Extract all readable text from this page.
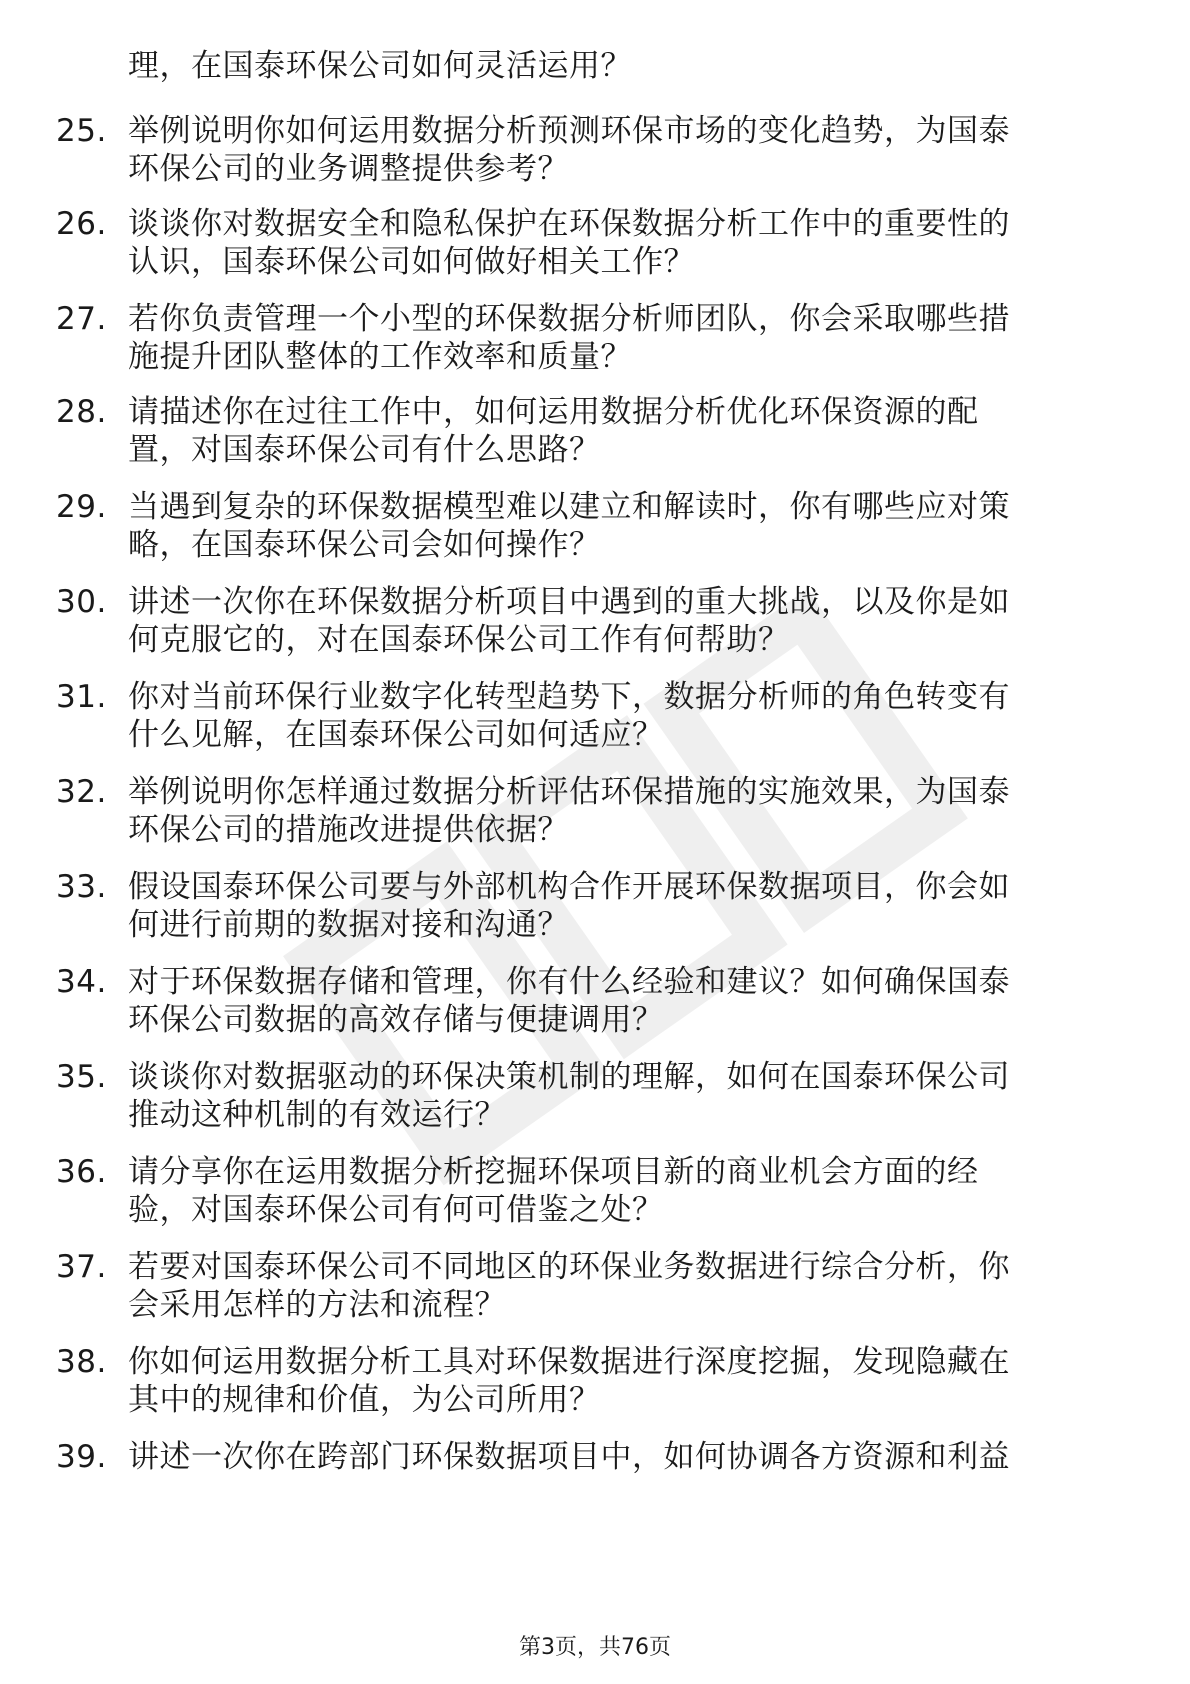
理，在国泰环保公司如何灵活运用？
25. 举例说明你如何运用数据分析预测环保市场的变化趋势，为国泰
环保公司的业务调整提供参考？
26. 谈谈你对数据安全和隐私保护在环保数据分析工作中的重要性的
认识，国泰环保公司如何做好相关工作？
27. 若你负责管理一个小型的环保数据分析师团队，你会采取哪些措
施提升团队整体的工作效率和质量？
28. 请描述你在过往工作中，如何运用数据分析优化环保资源的配
置，对国泰环保公司有什么思路？
29. 当遇到复杂的环保数据模型难以建立和解读时，你有哪些应对策
略，在国泰环保公司会如何操作？
30. 讲述一次你在环保数据分析项目中遇到的重大挑战，以及你是如
何克服它的，对在国泰环保公司工作有何帮助？
31. 你对当前环保行业数字化转型趋势下，数据分析师的角色转变有
什么见解，在国泰环保公司如何适应？
32. 举例说明你怎样通过数据分析评估环保措施的实施效果，为国泰
环保公司的措施改进提供依据？
33. 假设国泰环保公司要与外部机构合作开展环保数据项目，你会如
何进行前期的数据对接和沟通？
34. 对于环保数据存储和管理，你有什么经验和建议？如何确保国泰
环保公司数据的高效存储与便捷调用？
35. 谈谈你对数据驱动的环保决策机制的理解，如何在国泰环保公司
推动这种机制的有效运行？
36. 请分享你在运用数据分析挖掘环保项目新的商业机会方面的经
验，对国泰环保公司有何可借鉴之处？
37. 若要对国泰环保公司不同地区的环保业务数据进行综合分析，你
会采用怎样的方法和流程？
38. 你如何运用数据分析工具对环保数据进行深度挖掘，发现隐藏在
其中的规律和价值，为公司所用？
39. 讲述一次你在跨部门环保数据项目中，如何协调各方资源和利益
第3页，共76页
